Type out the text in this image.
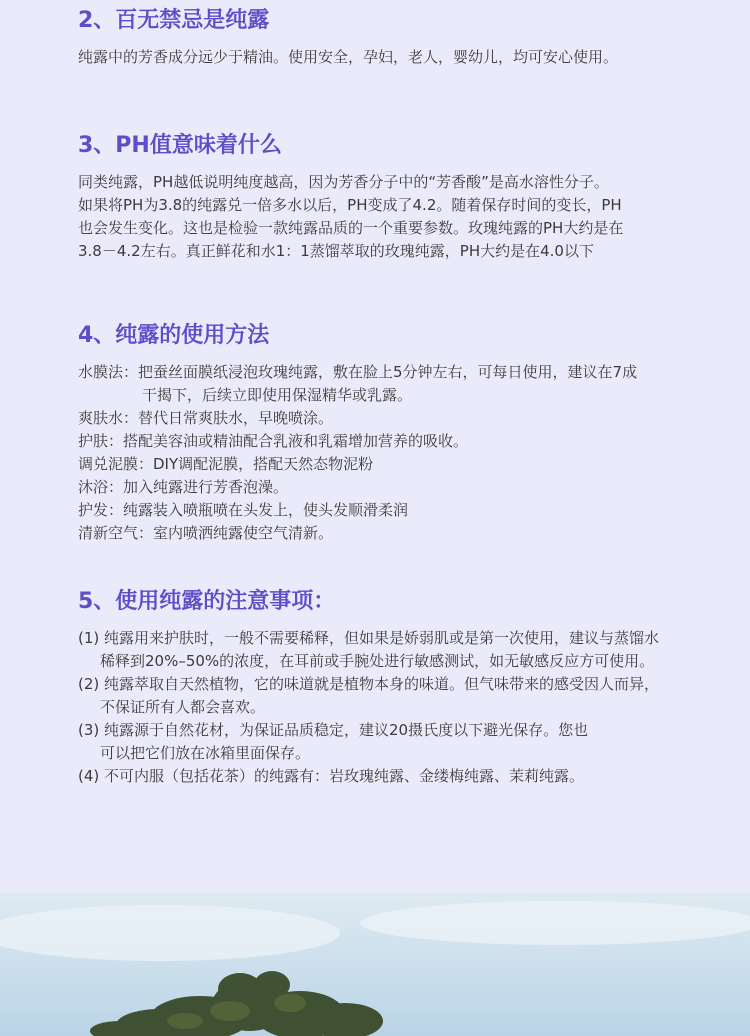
2、百无禁忌是纯露

纯露中的芳香成分远少于精油。使用安全，孕妇，老人，婴幼儿，均可安心使用。

3、PH值意味着什么

同类纯露，PH越低说明纯度越高，因为芳香分子中的“芳香酸”是高水溶性分子。

如果将PH为3.8的纯露兑一倍多水以后，PH变成了4.2。随着保存时间的变长，PH

也会发生变化。这也是检验一款纯露品质的一个重要参数。玫瑰纯露的PH大约是在

3.8－4.2左右。真正鲜花和水1：1蒸馏萃取的玫瑰纯露，PH大约是在4.0以下

4、纯露的使用方法

水膜法：把蚕丝面膜纸浸泡玫瑰纯露，敷在脸上5分钟左右，可每日使用，建议在7成

干揭下，后续立即使用保湿精华或乳露。

爽肤水：替代日常爽肤水，早晚喷涂。

护肤：搭配美容油或精油配合乳液和乳霜增加营养的吸收。

调兑泥膜：DIY调配泥膜，搭配天然态物泥粉

沐浴：加入纯露进行芳香泡澡。

护发：纯露装入喷瓶喷在头发上，使头发顺滑柔润

清新空气：室内喷洒纯露使空气清新。

5、使用纯露的注意事项：

(1) 纯露用来护肤时，一般不需要稀释，但如果是娇弱肌或是第一次使用，建议与蒸馏水

稀释到20%–50%的浓度，在耳前或手腕处进行敏感测试，如无敏感反应方可使用。

(2) 纯露萃取自天然植物，它的味道就是植物本身的味道。但气味带来的感受因人而异，

不保证所有人都会喜欢。

(3) 纯露源于自然花材，为保证品质稳定，建议20摄氏度以下避光保存。您也

可以把它们放在冰箱里面保存。

(4) 不可内服（包括花茶）的纯露有：岩玫瑰纯露、金缕梅纯露、茉莉纯露。
